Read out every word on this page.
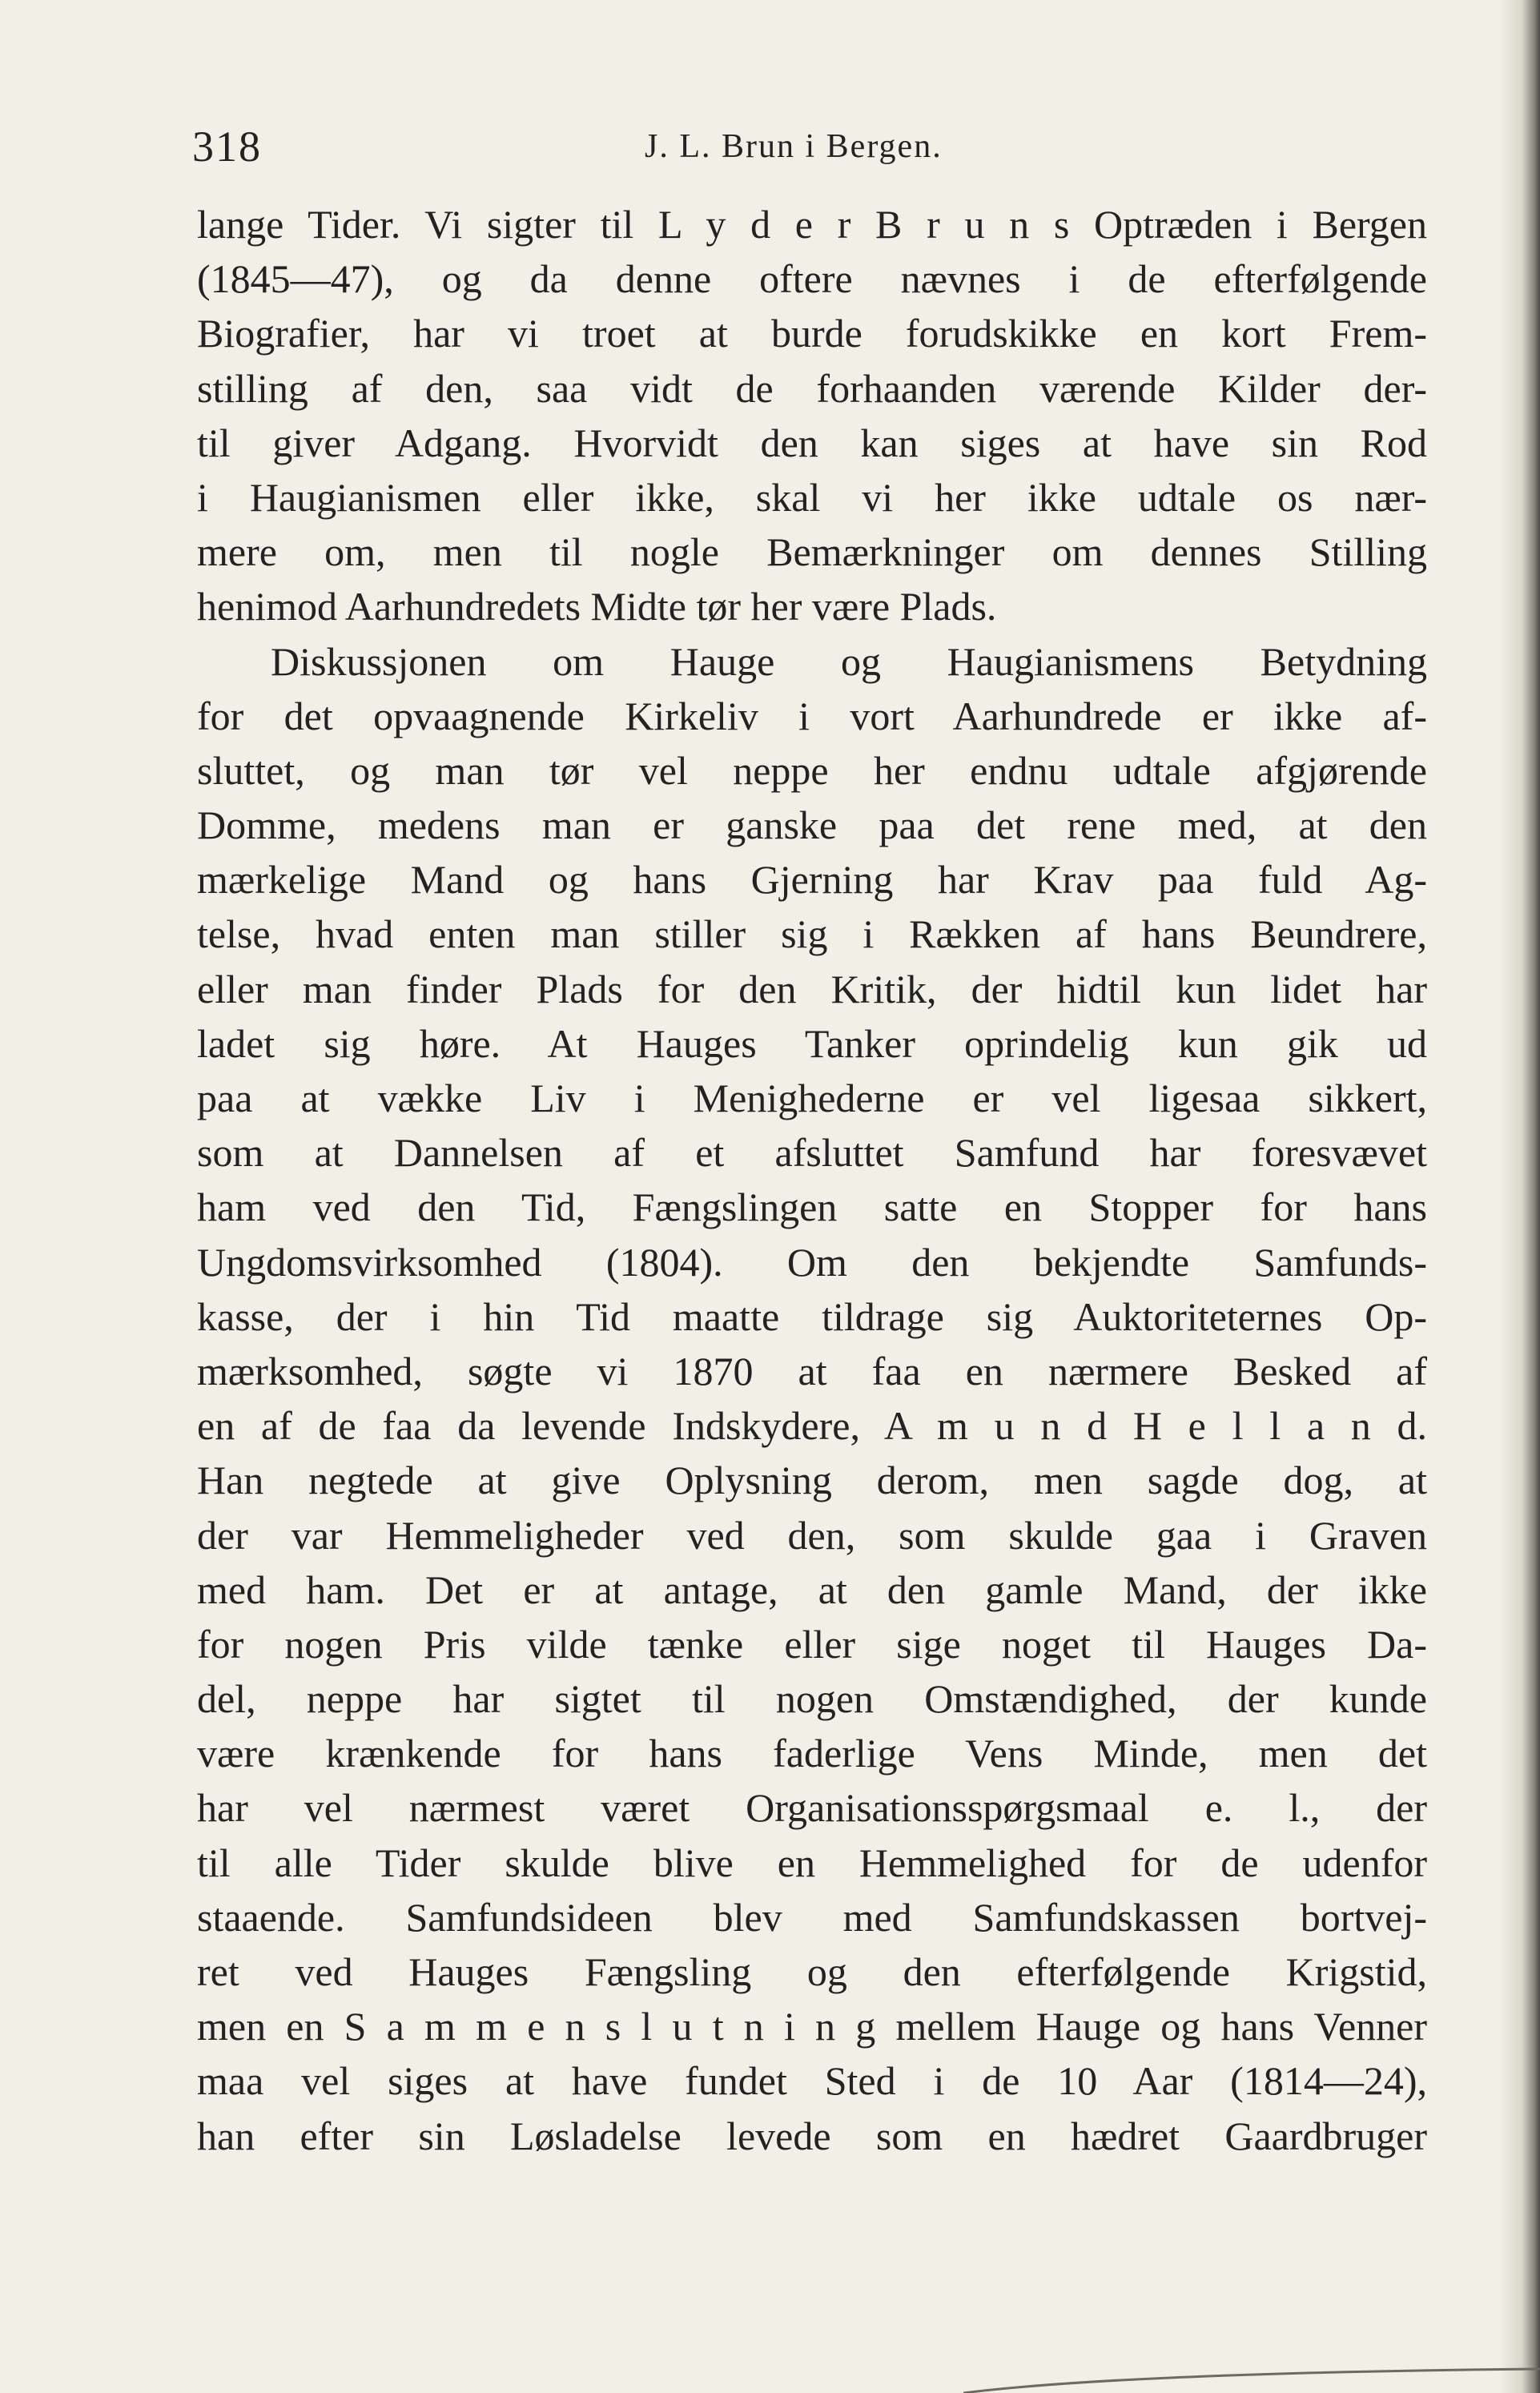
318	J. L. Brun i Bergen.
lange Tider. Vi sigter til L y d e r B r u n s Optræden i Bergen
(1845—47), og da denne oftere nævnes i de efterfølgende
Biografier, har vi troet at burde forudskikke en kort Frem-
stilling af den, saa vidt de forhaanden værende Kilder der-
til giver Adgang. Hvorvidt den kan siges at have sin Rod
i Haugianismen eller ikke, skal vi her ikke udtale os nær-
mere om, men til nogle Bemærkninger om dennes Stilling
henimod Aarhundredets Midte tør her være Plads.
Diskussjonen om Hauge og Haugianismens Betydning
for det opvaagnende Kirkeliv i vort Aarhundrede er ikke af-
sluttet, og man tør vel neppe her endnu udtale afgjørende
Domme, medens man er ganske paa det rene med, at den
mærkelige Mand og hans Gjerning har Krav paa fuld Ag-
telse, hvad enten man stiller sig i Rækken af hans Beundrere,
eller man finder Plads for den Kritik, der hidtil kun lidet har
ladet sig høre. At Hauges Tanker oprindelig kun gik ud
paa at vække Liv i Menighederne er vel ligesaa sikkert,
som at Dannelsen af et afsluttet Samfund har foresvævet
ham ved den Tid, Fængslingen satte en Stopper for hans
Ungdomsvirksomhed (1804). Om den bekjendte Samfunds-
kasse, der i hin Tid maatte tildrage sig Auktoriteternes Op-
mærksomhed, søgte vi 1870 at faa en nærmere Besked af
en af de faa da levende Indskydere, A m u n d H e l l a n d.
Han negtede at give Oplysning derom, men sagde dog, at
der var Hemmeligheder ved den, som skulde gaa i Graven
med ham. Det er at antage, at den gamle Mand, der ikke
for nogen Pris vilde tænke eller sige noget til Hauges Da-
del, neppe har sigtet til nogen Omstændighed, der kunde
være krænkende for hans faderlige Vens Minde, men det
har vel nærmest været Organisationsspørgsmaal e. l., der
til alle Tider skulde blive en Hemmelighed for de udenfor
staaende. Samfundsideen blev med Samfundskassen bortvej-
ret ved Hauges Fængsling og den efterfølgende Krigstid,
men en S a m m e n s l u t n i n g mellem Hauge og hans Venner
maa vel siges at have fundet Sted i de 10 Aar (1814—24),
han efter sin Løsladelse levede som en hædret Gaardbruger
